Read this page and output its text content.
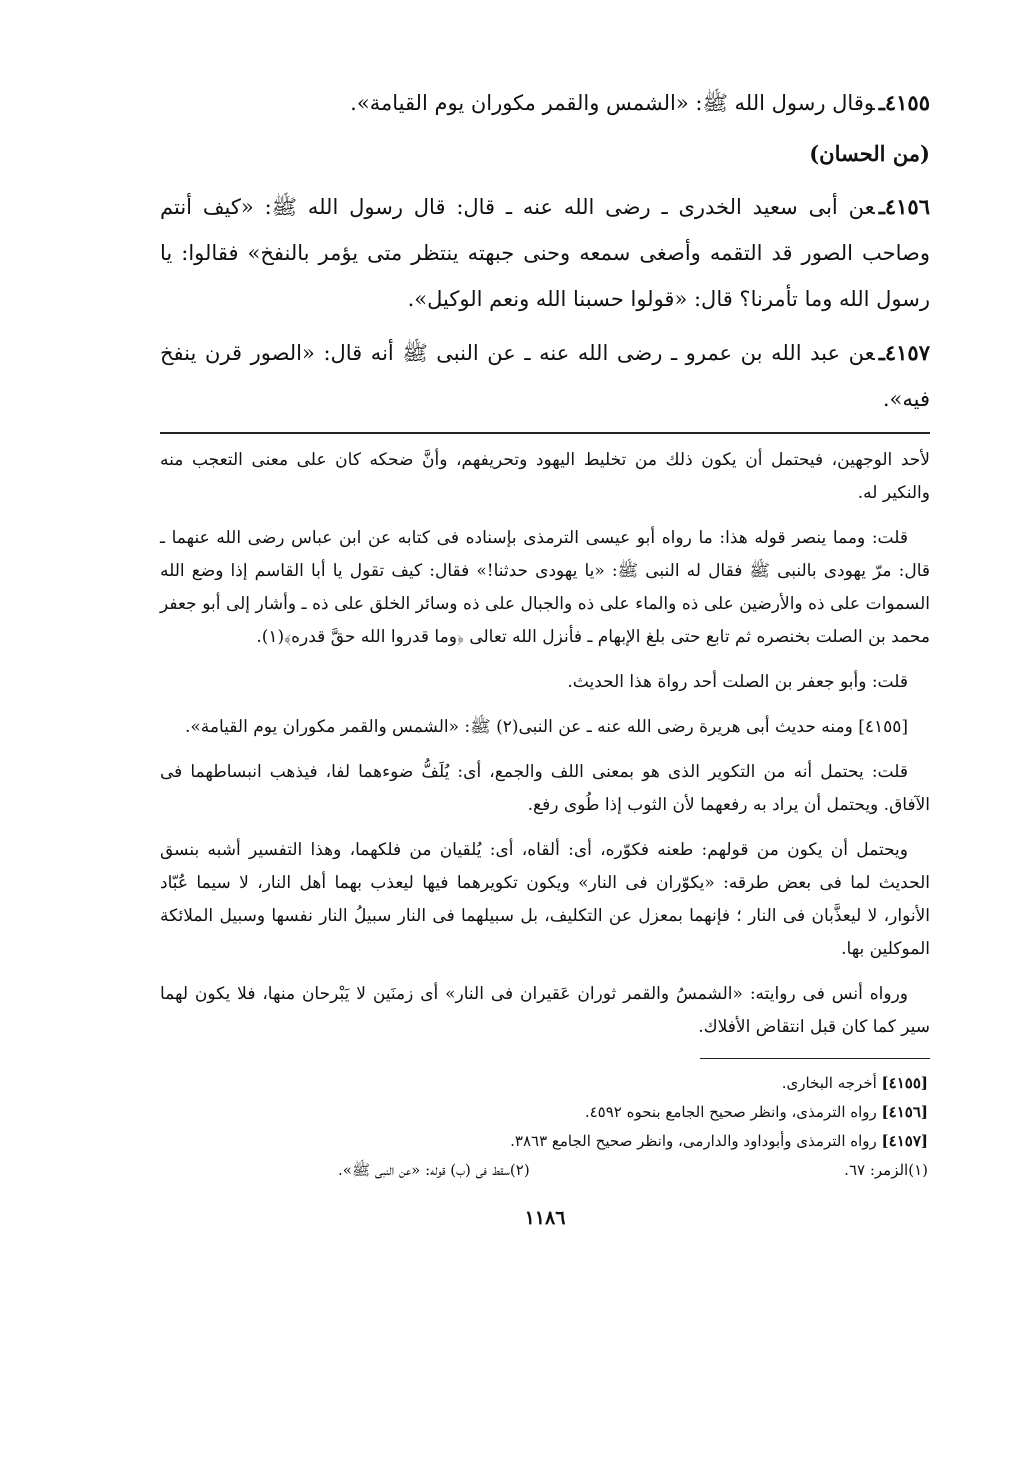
٤١٥٥ـوقال رسول الله ﷺ: «الشمس والقمر مكوران يوم القيامة».

(من الحسان)

٤١٥٦ـعن أبى سعيد الخدرى ـ رضى الله عنه ـ قال: قال رسول الله ﷺ: «كيف أنتم وصاحب الصور قد التقمه وأصغى سمعه وحنى جبهته ينتظر متى يؤمر بالنفخ» فقالوا: يا رسول الله وما تأمرنا؟ قال: «قولوا حسبنا الله ونعم الوكيل».

٤١٥٧ـعن عبد الله بن عمرو ـ رضى الله عنه ـ عن النبى ﷺ أنه قال: «الصور قرن ينفخ فيه».

لأحد الوجهين، فيحتمل أن يكون ذلك من تخليط اليهود وتحريفهم، وأنَّ ضحكه كان على معنى التعجب منه والنكير له.

قلت: ومما ينصر قوله هذا: ما رواه أبو عيسى الترمذى بإسناده فى كتابه عن ابن عباس رضى الله عنهما ـ قال: مرّ يهودى بالنبى ﷺ فقال له النبى ﷺ: «يا يهودى حدثنا!» فقال: كيف تقول يا أبا القاسم إذا وضع الله السموات على ذه والأرضين على ذه والماء على ذه والجبال على ذه وسائر الخلق على ذه ـ وأشار إلى أبو جعفر محمد بن الصلت بخنصره ثم تابع حتى بلغ الإبهام ـ فأنزل الله تعالى ﴿وما قدروا الله حقَّ قدره﴾(١).

قلت: وأبو جعفر بن الصلت أحد رواة هذا الحديث.

[٤١٥٥] ومنه حديث أبى هريرة رضى الله عنه ـ عن النبى(٢) ﷺ: «الشمس والقمر مكوران يوم القيامة».

قلت: يحتمل أنه من التكوير الذى هو بمعنى اللف والجمع، أى: يُلَفُّ ضوءهما لفا، فيذهب انبساطهما فى الآفاق. ويحتمل أن يراد به رفعهما لأن الثوب إذا طُوى رفع.

ويحتمل أن يكون من قولهم: طعنه فكوّره، أى: ألقاه، أى: يُلقيان من فلكهما، وهذا التفسير أشبه بنسق الحديث لما فى بعض طرقه: «يكوّران فى النار» ويكون تكويرهما فيها ليعذب بهما أهل النار، لا سيما عُبّاد الأنوار، لا ليعذَّبان فى النار ؛ فإنهما بمعزل عن التكليف، بل سبيلهما فى النار سبيلُ النار نفسها وسبيل الملائكة الموكلين بها.

ورواه أنس فى روايته: «الشمسُ والقمر ثوران عَقيران فى النار» أى زمنَين لا يَبْرحان منها، فلا يكون لهما سير كما كان قبل انتقاض الأفلاك.

[٤١٥٥] أخرجه البخارى.
[٤١٥٦] رواه الترمذى، وانظر صحيح الجامع بنحوه ٤٥٩٢.
[٤١٥٧] رواه الترمذى وأبوداود والدارمى، وانظر صحيح الجامع ٣٨٦٣.
(١)الزمر: ٦٧.
(٢)سقط فى (ب) قوله: «عن النبى ﷺ».
١١٨٦
